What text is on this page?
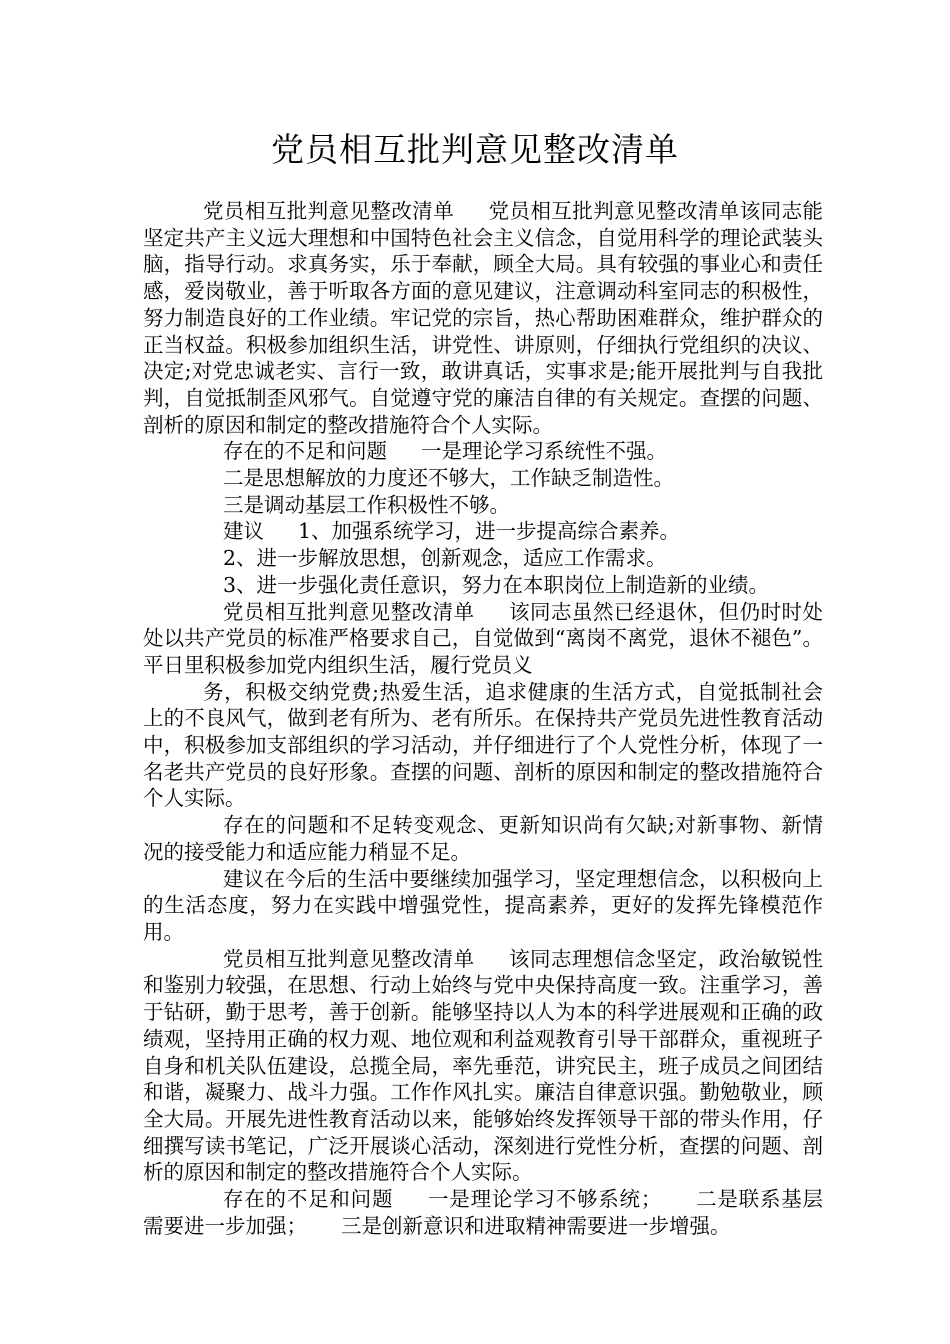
党员相互批判意见整改清单

党员相互批判意见整改清单 党员相互批判意见整改清单该同志能坚定共产主义远大理想和中国特色社会主义信念，自觉用科学的理论武装头脑，指导行动。求真务实，乐于奉献，顾全大局。具有较强的事业心和责任感，爱岗敬业，善于听取各方面的意见建议，注意调动科室同志的积极性，努力制造良好的工作业绩。牢记党的宗旨，热心帮助困难群众，维护群众的正当权益。积极参加组织生活，讲党性、讲原则，仔细执行党组织的决议、决定;对党忠诚老实、言行一致，敢讲真话，实事求是;能开展批判与自我批判，自觉抵制歪风邪气。自觉遵守党的廉洁自律的有关规定。查摆的问题、剖析的原因和制定的整改措施符合个人实际。

存在的不足和问题 一是理论学习系统性不强。

二是思想解放的力度还不够大，工作缺乏制造性。

三是调动基层工作积极性不够。

建议 1、加强系统学习，进一步提高综合素养。

2、进一步解放思想，创新观念，适应工作需求。

3、进一步强化责任意识，努力在本职岗位上制造新的业绩。

党员相互批判意见整改清单 该同志虽然已经退休，但仍时时处处以共产党员的标准严格要求自己，自觉做到“离岗不离党，退休不褪色”。平日里积极参加党内组织生活，履行党员义

务，积极交纳党费;热爱生活，追求健康的生活方式，自觉抵制社会上的不良风气，做到老有所为、老有所乐。在保持共产党员先进性教育活动中，积极参加支部组织的学习活动，并仔细进行了个人党性分析，体现了一名老共产党员的良好形象。查摆的问题、剖析的原因和制定的整改措施符合个人实际。

存在的问题和不足转变观念、更新知识尚有欠缺;对新事物、新情况的接受能力和适应能力稍显不足。

建议在今后的生活中要继续加强学习，坚定理想信念，以积极向上的生活态度，努力在实践中增强党性，提高素养，更好的发挥先锋模范作用。

党员相互批判意见整改清单 该同志理想信念坚定，政治敏锐性和鉴别力较强，在思想、行动上始终与党中央保持高度一致。注重学习，善于钻研，勤于思考，善于创新。能够坚持以人为本的科学进展观和正确的政绩观，坚持用正确的权力观、地位观和利益观教育引导干部群众，重视班子自身和机关队伍建设，总揽全局，率先垂范，讲究民主，班子成员之间团结和谐，凝聚力、战斗力强。工作作风扎实。廉洁自律意识强。勤勉敬业，顾全大局。开展先进性教育活动以来，能够始终发挥领导干部的带头作用，仔细撰写读书笔记，广泛开展谈心活动，深刻进行党性分析，查摆的问题、剖析的原因和制定的整改措施符合个人实际。

存在的不足和问题 一是理论学习不够系统； 二是联系基层需要进一步加强； 三是创新意识和进取精神需要进一步增强。
